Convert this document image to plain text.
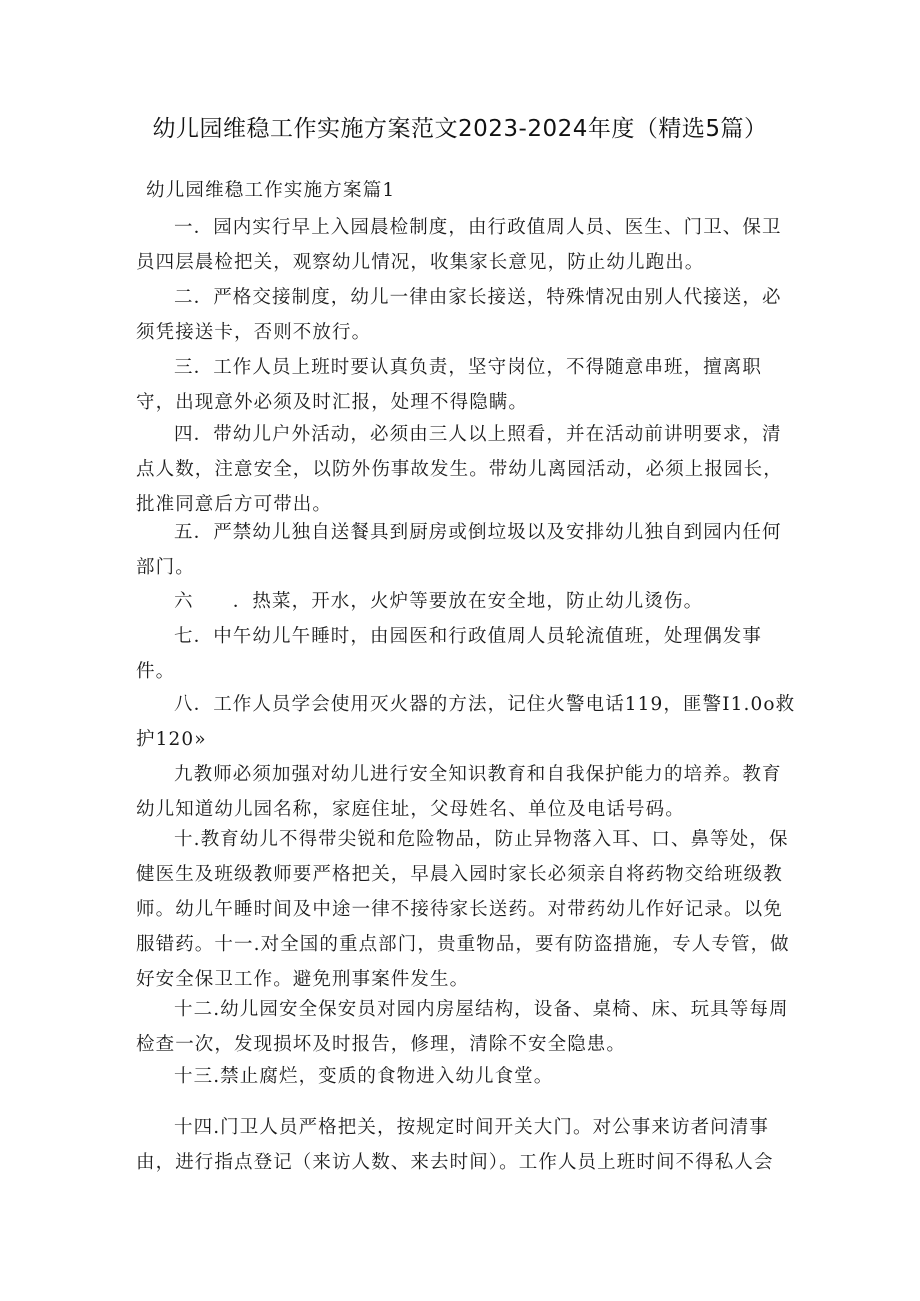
幼儿园维稳工作实施方案范文2023-2024年度（精选5篇）
幼儿园维稳工作实施方案篇1

一．园内实行早上入园晨检制度，由行政值周人员、医生、门卫、保卫员四层晨检把关，观察幼儿情况，收集家长意见，防止幼儿跑出。

二．严格交接制度，幼儿一律由家长接送，特殊情况由别人代接送，必须凭接送卡，否则不放行。

三．工作人员上班时要认真负责，坚守岗位，不得随意串班，擅离职守，出现意外必须及时汇报，处理不得隐瞒。

四．带幼儿户外活动，必须由三人以上照看，并在活动前讲明要求，清点人数，注意安全，以防外伤事故发生。带幼儿离园活动，必须上报园长，批准同意后方可带出。

五．严禁幼儿独自送餐具到厨房或倒垃圾以及安排幼儿独自到园内任何部门。

六　　．热菜，开水，火炉等要放在安全地，防止幼儿烫伤。

七．中午幼儿午睡时，由园医和行政值周人员轮流值班，处理偶发事件。

八．工作人员学会使用灭火器的方法，记住火警电话119，匪警I1.0o救护120»

九教师必须加强对幼儿进行安全知识教育和自我保护能力的培养。教育幼儿知道幼儿园名称，家庭住址，父母姓名、单位及电话号码。

十.教育幼儿不得带尖锐和危险物品，防止异物落入耳、口、鼻等处，保健医生及班级教师要严格把关，早晨入园时家长必须亲自将药物交给班级教师。幼儿午睡时间及中途一律不接待家长送药。对带药幼儿作好记录。以免服错药。十一.对全国的重点部门，贵重物品，要有防盗措施，专人专管，做好安全保卫工作。避免刑事案件发生。

十二.幼儿园安全保安员对园内房屋结构，设备、桌椅、床、玩具等每周检查一次，发现损坏及时报告，修理，清除不安全隐患。

十三.禁止腐烂，变质的食物进入幼儿食堂。

十四.门卫人员严格把关，按规定时间开关大门。对公事来访者问清事由，进行指点登记（来访人数、来去时间）。工作人员上班时间不得私人会
